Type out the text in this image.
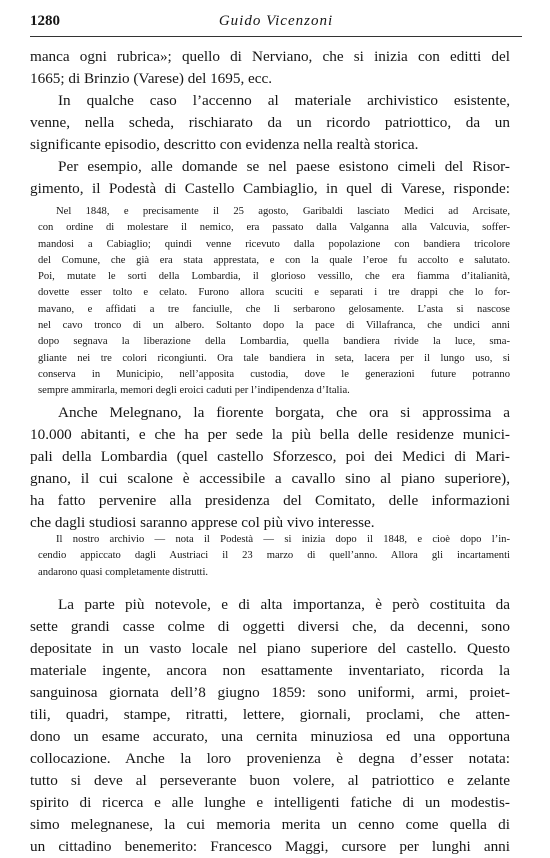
1280	Guido Vicenzoni
manca ogni rubrica»; quello di Nerviano, che si inizia con editti del
1665; di Brinzio (Varese) del 1695, ecc.
In qualche caso l’accenno al materiale archivistico esistente,
venne, nella scheda, rischiarato da un ricordo patriottico, da un
significante episodio, descritto con evidenza nella realtà storica.
Per esempio, alle domande se nel paese esistono cimeli del Risor-
gimento, il Podestà di Castello Cambiaglio, in quel di Varese, risponde:
Nel 1848, e precisamente il 25 agosto, Garibaldi lasciato Medici ad Arcisate,
con ordine di molestare il nemico, era passato dalla Valganna alla Valcuvia, soffer-
mandosi a Cabiaglio; quindi venne ricevuto dalla popolazione con bandiera tricolore
del Comune, che già era stata apprestata, e con la quale l’eroe fu accolto e salutato.
Poi, mutate le sorti della Lombardia, il glorioso vessillo, che era fiamma d’italianità,
dovette esser tolto e celato. Furono allora scuciti e separati i tre drappi che lo for-
mavano, e affidati a tre fanciulle, che li serbarono gelosamente. L’asta si nascose
nel cavo tronco di un albero. Soltanto dopo la pace di Villafranca, che undici anni
dopo segnava la liberazione della Lombardia, quella bandiera rivide la luce, sma-
gliante nei tre colori ricongiunti. Ora tale bandiera in seta, lacera per il lungo uso, si
conserva in Municipio, nell’apposita custodia, dove le generazioni future potranno
sempre ammirarla, memori degli eroici caduti per l’indipendenza d’Italia.
Anche Melegnano, la fiorente borgata, che ora si approssima a
10.000 abitanti, e che ha per sede la più bella delle residenze munici-
pali della Lombardia (quel castello Sforzesco, poi dei Medici di Mari-
gnano, il cui scalone è accessibile a cavallo sino al piano superiore),
ha fatto pervenire alla presidenza del Comitato, delle informazioni
che dagli studiosi saranno apprese col più vivo interesse.
Il nostro archivio — nota il Podestà — si inizia dopo il 1848, e cioè dopo l’in-
cendio appiccato dagli Austriaci il 23 marzo di quell’anno. Allora gli incartamenti
andarono quasi completamente distrutti.
La parte più notevole, e di alta importanza, è però costituita da
sette grandi casse colme di oggetti diversi che, da decenni, sono
depositate in un vasto locale nel piano superiore del castello. Questo
materiale ingente, ancora non esattamente inventariato, ricorda la
sanguinosa giornata dell’8 giugno 1859: sono uniformi, armi, proiet-
tili, quadri, stampe, ritratti, lettere, giornali, proclami, che atten-
dono un esame accurato, una cernita minuziosa ed una opportuna
collocazione. Anche la loro provenienza è degna d’esser notata:
tutto si deve al perseverante buon volere, al patriottico e zelante
spirito di ricerca e alle lunghe e intelligenti fatiche di un modestis-
simo melegnanese, la cui memoria merita un cenno come quella di
un cittadino benemerito: Francesco Maggi, cursore per lunghi anni
